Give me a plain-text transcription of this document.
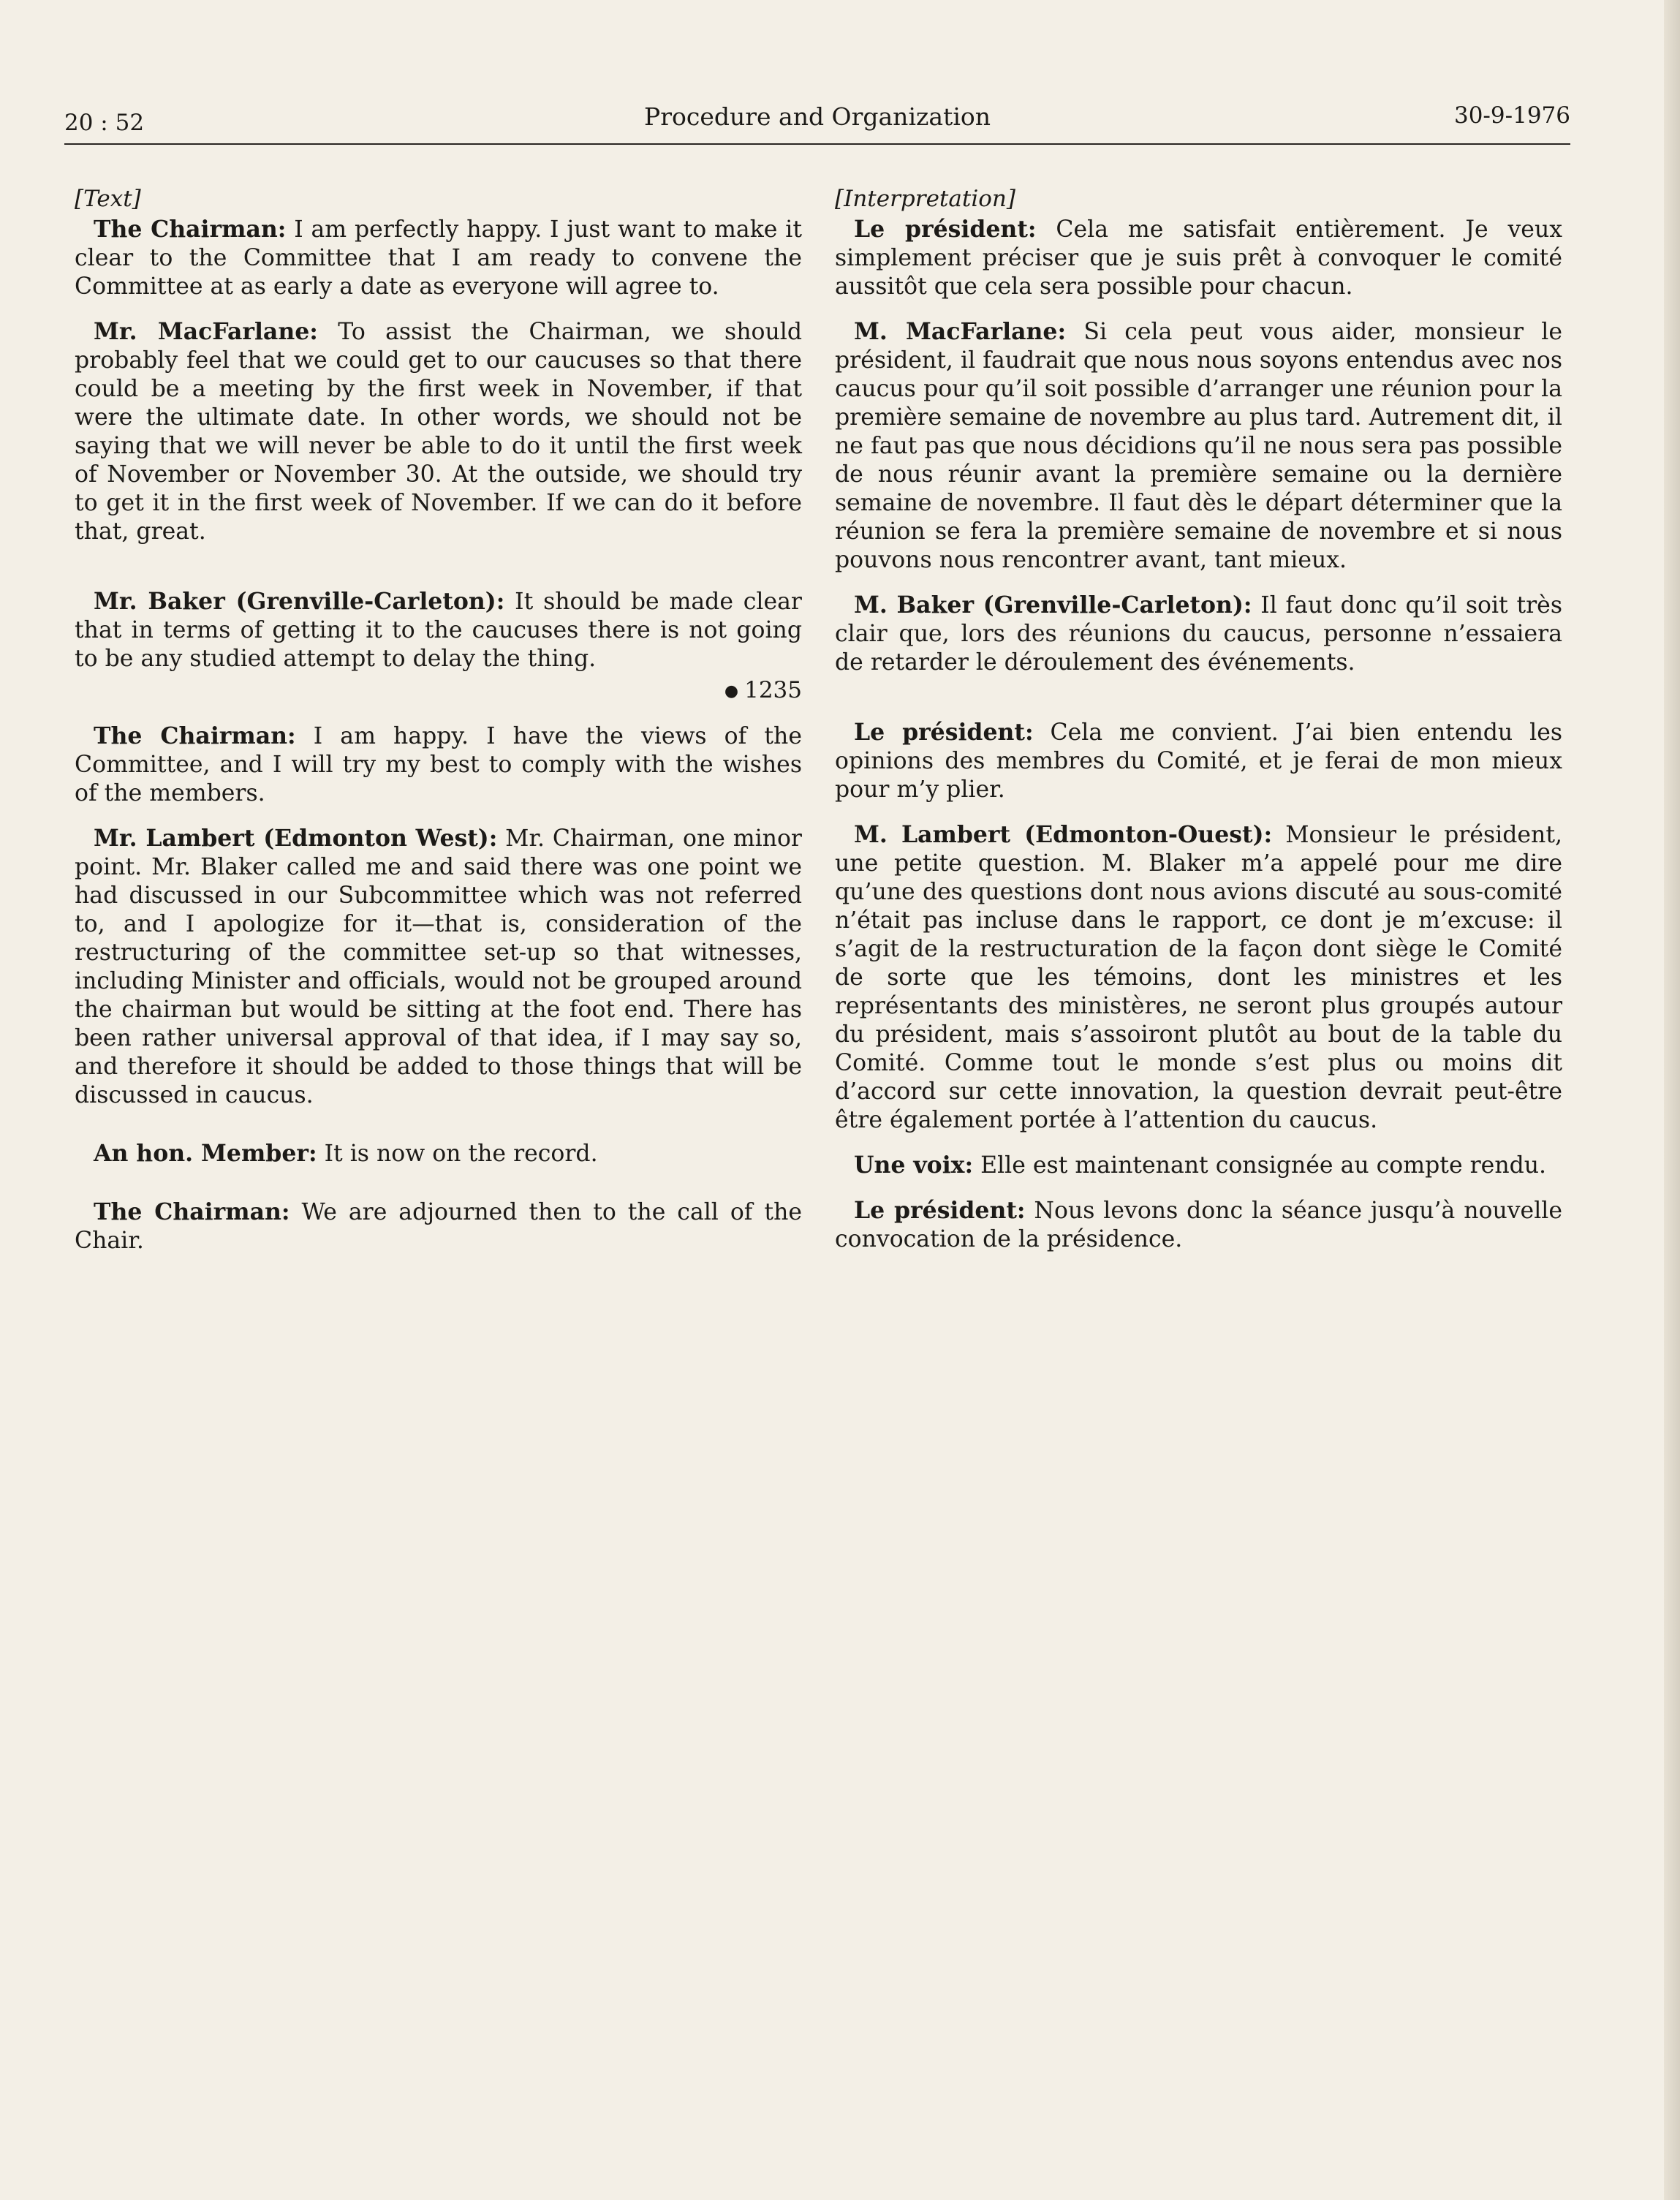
20 : 52	Procedure and Organization	30-9-1976
[Text]

The Chairman: I am perfectly happy. I just want to make it clear to the Committee that I am ready to convene the Committee at as early a date as everyone will agree to.

Mr. MacFarlane: To assist the Chairman, we should probably feel that we could get to our caucuses so that there could be a meeting by the first week in November, if that were the ultimate date. In other words, we should not be saying that we will never be able to do it until the first week of November or November 30. At the outside, we should try to get it in the first week of November. If we can do it before that, great.

Mr. Baker (Grenville-Carleton): It should be made clear that in terms of getting it to the caucuses there is not going to be any studied attempt to delay the thing.

● 1235

The Chairman: I am happy. I have the views of the Committee, and I will try my best to comply with the wishes of the members.

Mr. Lambert (Edmonton West): Mr. Chairman, one minor point. Mr. Blaker called me and said there was one point we had discussed in our Subcommittee which was not referred to, and I apologize for it—that is, consideration of the restructuring of the committee set-up so that witnesses, including Minister and officials, would not be grouped around the chairman but would be sitting at the foot end. There has been rather universal approval of that idea, if I may say so, and therefore it should be added to those things that will be discussed in caucus.

An hon. Member: It is now on the record.

The Chairman: We are adjourned then to the call of the Chair.

[Interpretation]

Le président: Cela me satisfait entièrement. Je veux simplement préciser que je suis prêt à convoquer le comité aussitôt que cela sera possible pour chacun.

M. MacFarlane: Si cela peut vous aider, monsieur le président, il faudrait que nous nous soyons entendus avec nos caucus pour qu’il soit possible d’arranger une réunion pour la première semaine de novembre au plus tard. Autrement dit, il ne faut pas que nous décidions qu’il ne nous sera pas possible de nous réunir avant la première semaine ou la dernière semaine de novembre. Il faut dès le départ déterminer que la réunion se fera la première semaine de novembre et si nous pouvons nous rencontrer avant, tant mieux.

M. Baker (Grenville-Carleton): Il faut donc qu’il soit très clair que, lors des réunions du caucus, personne n’essaiera de retarder le déroulement des événements.

Le président: Cela me convient. J’ai bien entendu les opinions des membres du Comité, et je ferai de mon mieux pour m’y plier.

M. Lambert (Edmonton-Ouest): Monsieur le président, une petite question. M. Blaker m’a appelé pour me dire qu’une des questions dont nous avions discuté au sous-comité n’était pas incluse dans le rapport, ce dont je m’excuse: il s’agit de la restructuration de la façon dont siège le Comité de sorte que les témoins, dont les ministres et les représentants des ministères, ne seront plus groupés autour du président, mais s’assoiront plutôt au bout de la table du Comité. Comme tout le monde s’est plus ou moins dit d’accord sur cette innovation, la question devrait peut-être être également portée à l’attention du caucus.

Une voix: Elle est maintenant consignée au compte rendu.

Le président: Nous levons donc la séance jusqu’à nouvelle convocation de la présidence.
